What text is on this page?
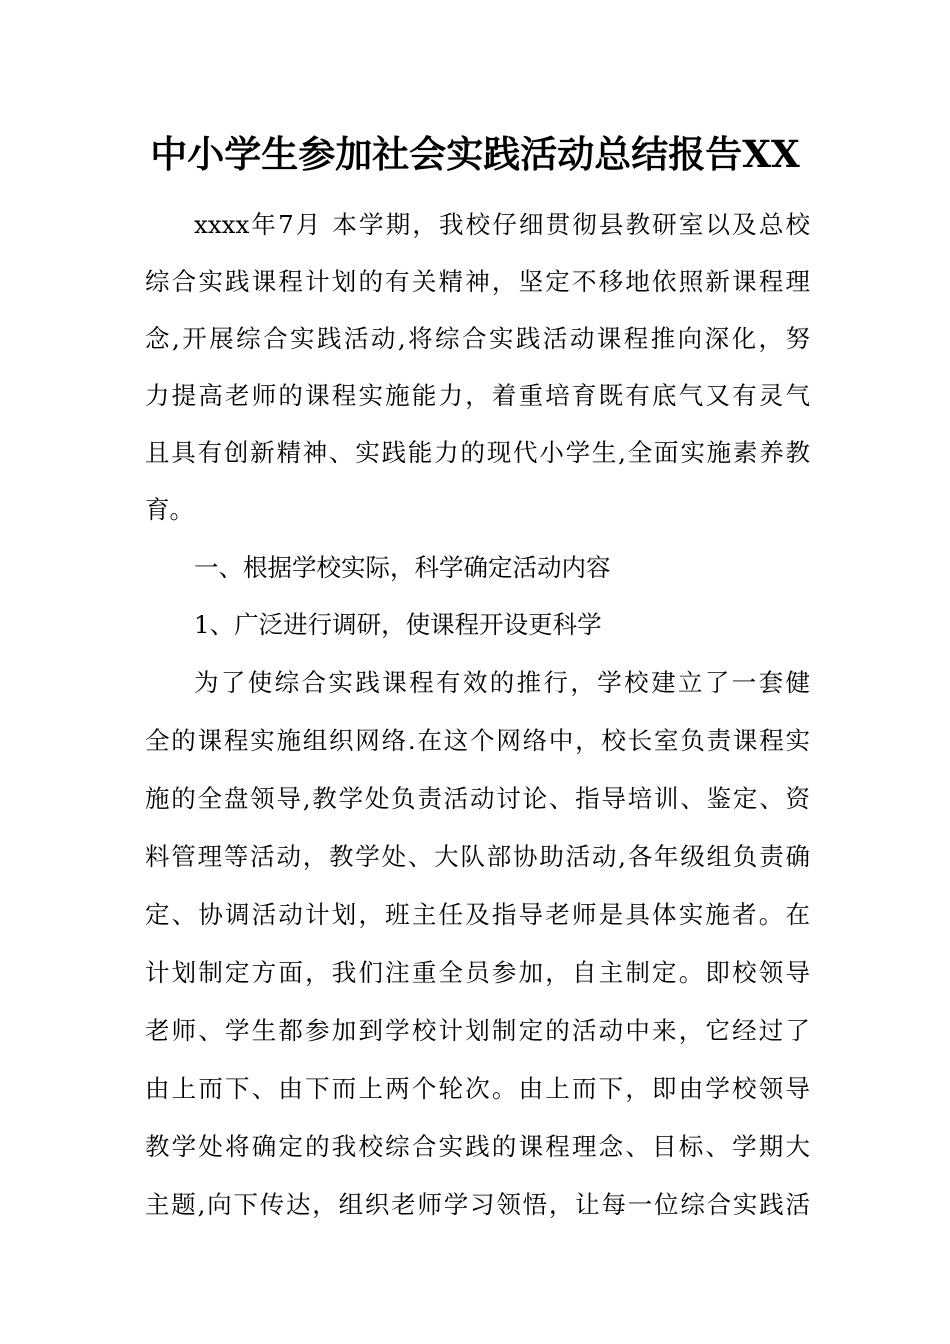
中小学生参加社会实践活动总结报告XX

xxxx年7月 本学期，我校仔细贯彻县教研室以及总校

综合实践课程计划的有关精神，坚定不移地依照新课程理

念,开展综合实践活动,将综合实践活动课程推向深化，努

力提高老师的课程实施能力，着重培育既有底气又有灵气

且具有创新精神、实践能力的现代小学生,全面实施素养教

育。

一、根据学校实际，科学确定活动内容

1、广泛进行调研，使课程开设更科学

为了使综合实践课程有效的推行，学校建立了一套健

全的课程实施组织网络.在这个网络中，校长室负责课程实

施的全盘领导,教学处负责活动讨论、指导培训、鉴定、资

料管理等活动，教学处、大队部协助活动,各年级组负责确

定、协调活动计划，班主任及指导老师是具体实施者。在

计划制定方面，我们注重全员参加，自主制定。即校领导

老师、学生都参加到学校计划制定的活动中来，它经过了

由上而下、由下而上两个轮次。由上而下，即由学校领导

教学处将确定的我校综合实践的课程理念、目标、学期大

主题,向下传达，组织老师学习领悟，让每一位综合实践活
